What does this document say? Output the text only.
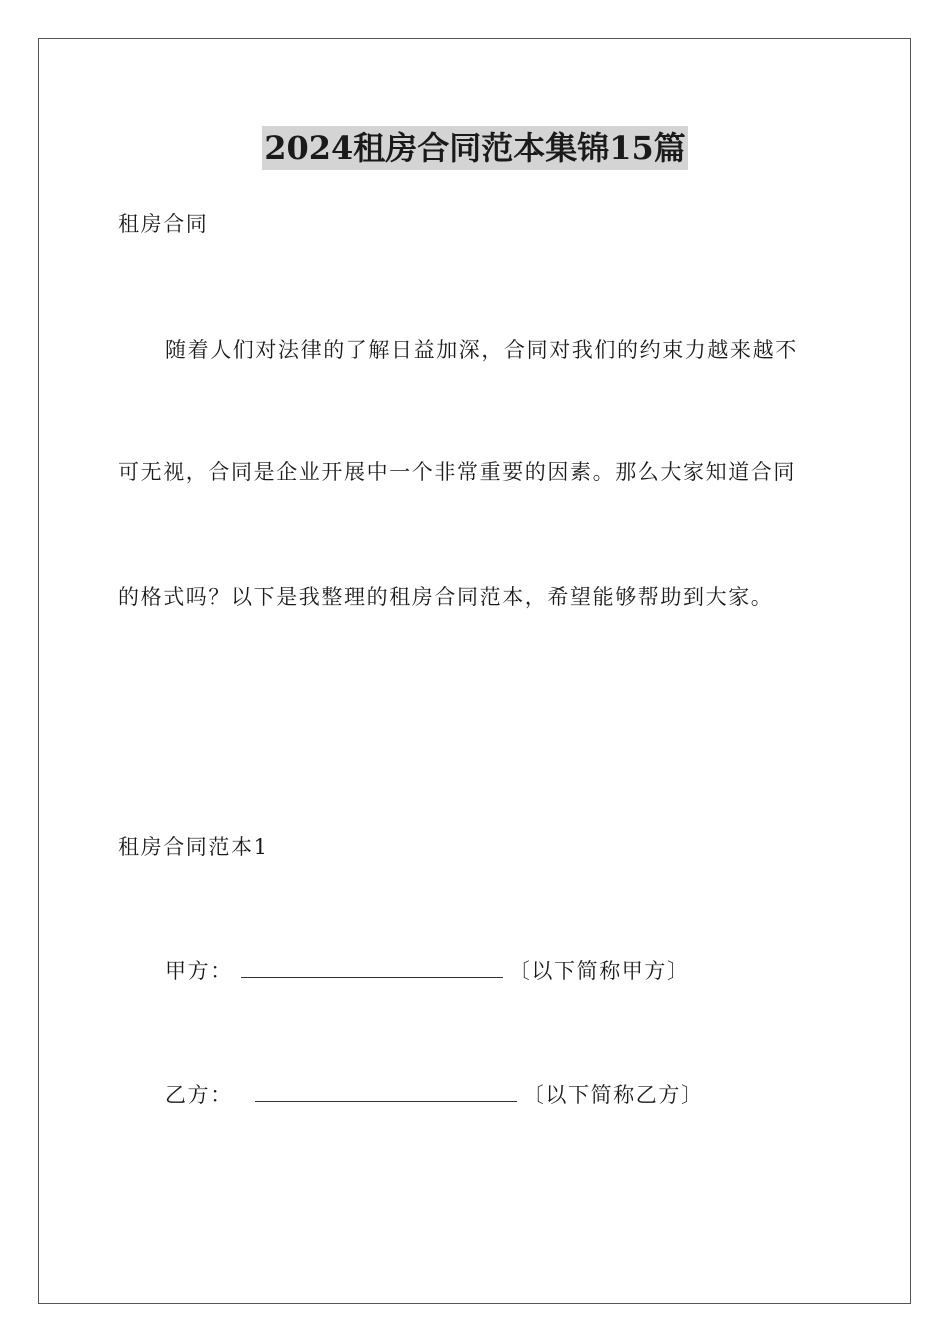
2024租房合同范本集锦15篇
租房合同
随着人们对法律的了解日益加深，合同对我们的约束力越来越不
可无视，合同是企业开展中一个非常重要的因素。那么大家知道合同
的格式吗？以下是我整理的租房合同范本，希望能够帮助到大家。
租房合同范本1
甲方：	〔以下简称甲方〕
乙方：	〔以下简称乙方〕
